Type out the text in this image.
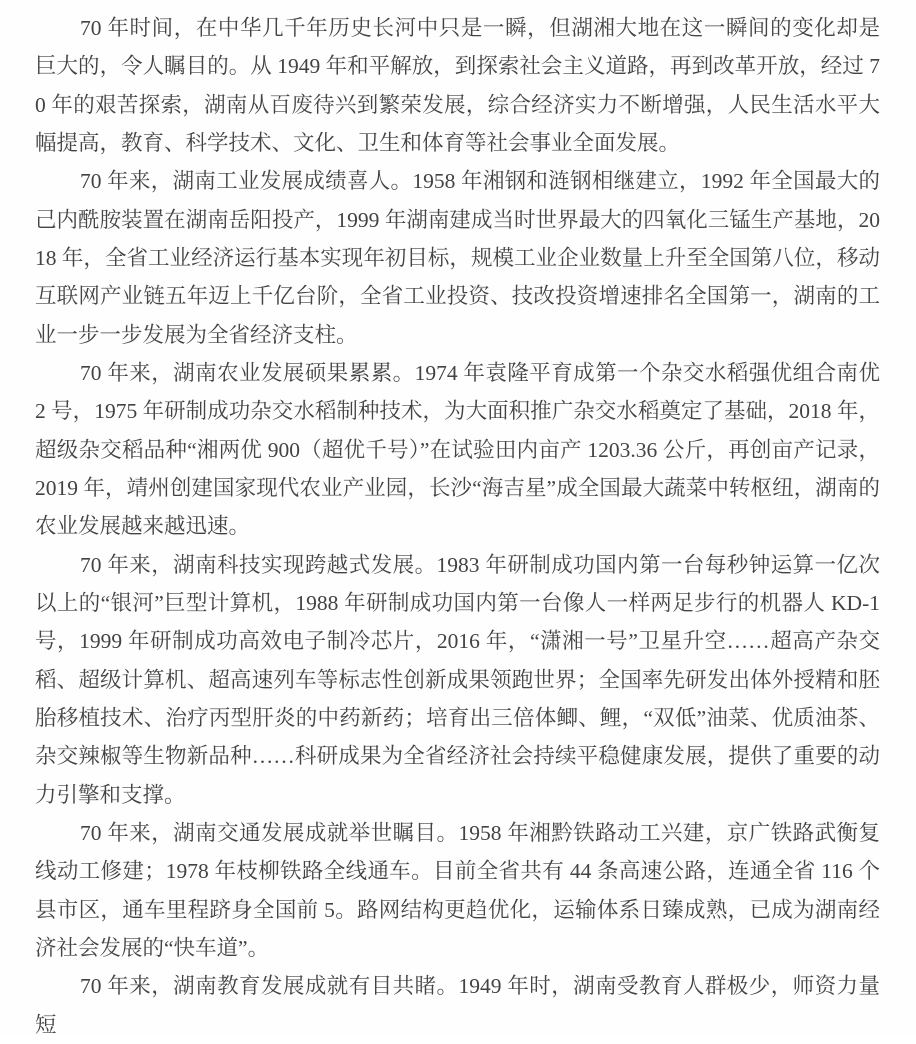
70 年时间，在中华几千年历史长河中只是一瞬，但湖湘大地在这一瞬间的变化却是巨大的，令人瞩目的。从 1949 年和平解放，到探索社会主义道路，再到改革开放，经过 70 年的艰苦探索，湖南从百废待兴到繁荣发展，综合经济实力不断增强，人民生活水平大幅提高，教育、科学技术、文化、卫生和体育等社会事业全面发展。

70 年来，湖南工业发展成绩喜人。1958 年湘钢和涟钢相继建立，1992 年全国最大的己内酰胺装置在湖南岳阳投产，1999 年湖南建成当时世界最大的四氧化三锰生产基地，2018 年，全省工业经济运行基本实现年初目标，规模工业企业数量上升至全国第八位，移动互联网产业链五年迈上千亿台阶，全省工业投资、技改投资增速排名全国第一，湖南的工业一步一步发展为全省经济支柱。

70 年来，湖南农业发展硕果累累。1974 年袁隆平育成第一个杂交水稻强优组合南优 2 号，1975 年研制成功杂交水稻制种技术，为大面积推广杂交水稻奠定了基础，2018 年，超级杂交稻品种“湘两优 900（超优千号）”在试验田内亩产 1203.36 公斤，再创亩产记录，2019 年，靖州创建国家现代农业产业园，长沙“海吉星”成全国最大蔬菜中转枢纽，湖南的农业发展越来越迅速。

70 年来，湖南科技实现跨越式发展。1983 年研制成功国内第一台每秒钟运算一亿次以上的“银河”巨型计算机，1988 年研制成功国内第一台像人一样两足步行的机器人 KD-1 号，1999 年研制成功高效电子制冷芯片，2016 年，“潇湘一号”卫星升空……超高产杂交稻、超级计算机、超高速列车等标志性创新成果领跑世界；全国率先研发出体外授精和胚胎移植技术、治疗丙型肝炎的中药新药；培育出三倍体鲫、鲤，“双低”油菜、优质油茶、杂交辣椒等生物新品种……科研成果为全省经济社会持续平稳健康发展，提供了重要的动力引擎和支撑。

70 年来，湖南交通发展成就举世瞩目。1958 年湘黔铁路动工兴建，京广铁路武衡复线动工修建；1978 年枝柳铁路全线通车。目前全省共有 44 条高速公路，连通全省 116 个县市区，通车里程跻身全国前 5。路网结构更趋优化，运输体系日臻成熟，已成为湖南经济社会发展的“快车道”。

70 年来，湖南教育发展成就有目共睹。1949 年时，湖南受教育人群极少，师资力量短
